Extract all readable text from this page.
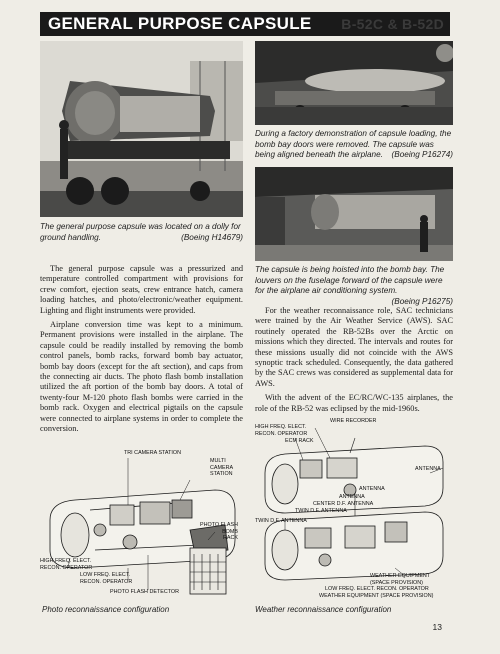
GENERAL PURPOSE CAPSULE B-52C & B-52D
The general purpose capsule was located on a dolly for ground handling.	(Boeing H14679)
During a factory demonstration of capsule loading, the bomb bay doors were removed. The capsule was being aligned beneath the airplane. (Boeing P16274)
The capsule is being hoisted into the bomb bay. The louvers on the fuselage forward of the capsule were for the airplane air conditioning system.
(Boeing P16275)

The general purpose capsule was a pressurized and temperature controlled compartment with provisions for crew comfort, ejection seats, crew entrance hatch, camera loading hatches, and photo/electronic/weather equipment. Lighting and flight instruments were provided.

Airplane conversion time was kept to a minimum. Permanent provisions were installed in the airplane. The capsule could be readily installed by removing the bomb control panels, bomb racks, forward bomb bay actuator, bomb bay doors (except for the aft section), and caps from the connecting air ducts. The photo flash bomb installation utilized the aft portion of the bomb bay doors. A total of twenty-four M-120 photo flash bombs were carried in the bomb rack. Oxygen and electrical pigtails on the capsule were connected to airplane systems in order to complete the conversion.

For the weather reconnaissance role, SAC technicians were trained by the Air Weather Service (AWS). SAC routinely operated the RB-52Bs over the Arctic on missions which they directed. The intervals and routes for these missions usually did not coincide with the AWS synoptic track scheduled. Consequently, the data gathered by the SAC crews was considered as supplemental data for AWS.

With the advent of the EC/RC/WC-135 airplanes, the role of the RB-52 was eclipsed by the mid-1960s.

TRI CAMERA STATION
MULTI
CAMERA
STATION
PHOTO FLASH
BOMB
RACK
HIGH FREQ. ELECT.
RECON. OPERATOR
LOW FREQ. ELECT.
RECON. OPERATOR
PHOTO FLASH DETECTOR
Photo reconnaissance configuration
WIRE RECORDER
HIGH FREQ. ELECT.
RECON. OPERATOR
ECM RACK
ANTENNA
ANTENNA
ANTENNA
CENTER D.F. ANTENNA
TWIN D.F. ANTENNA
TWIN D.F. ANTENNA
WEATHER EQUIPMENT
(SPACE PROVISION)
LOW FREQ. ELECT. RECON. OPERATOR
WEATHER EQUIPMENT (SPACE PROVISION)
Weather reconnaissance configuration
13
